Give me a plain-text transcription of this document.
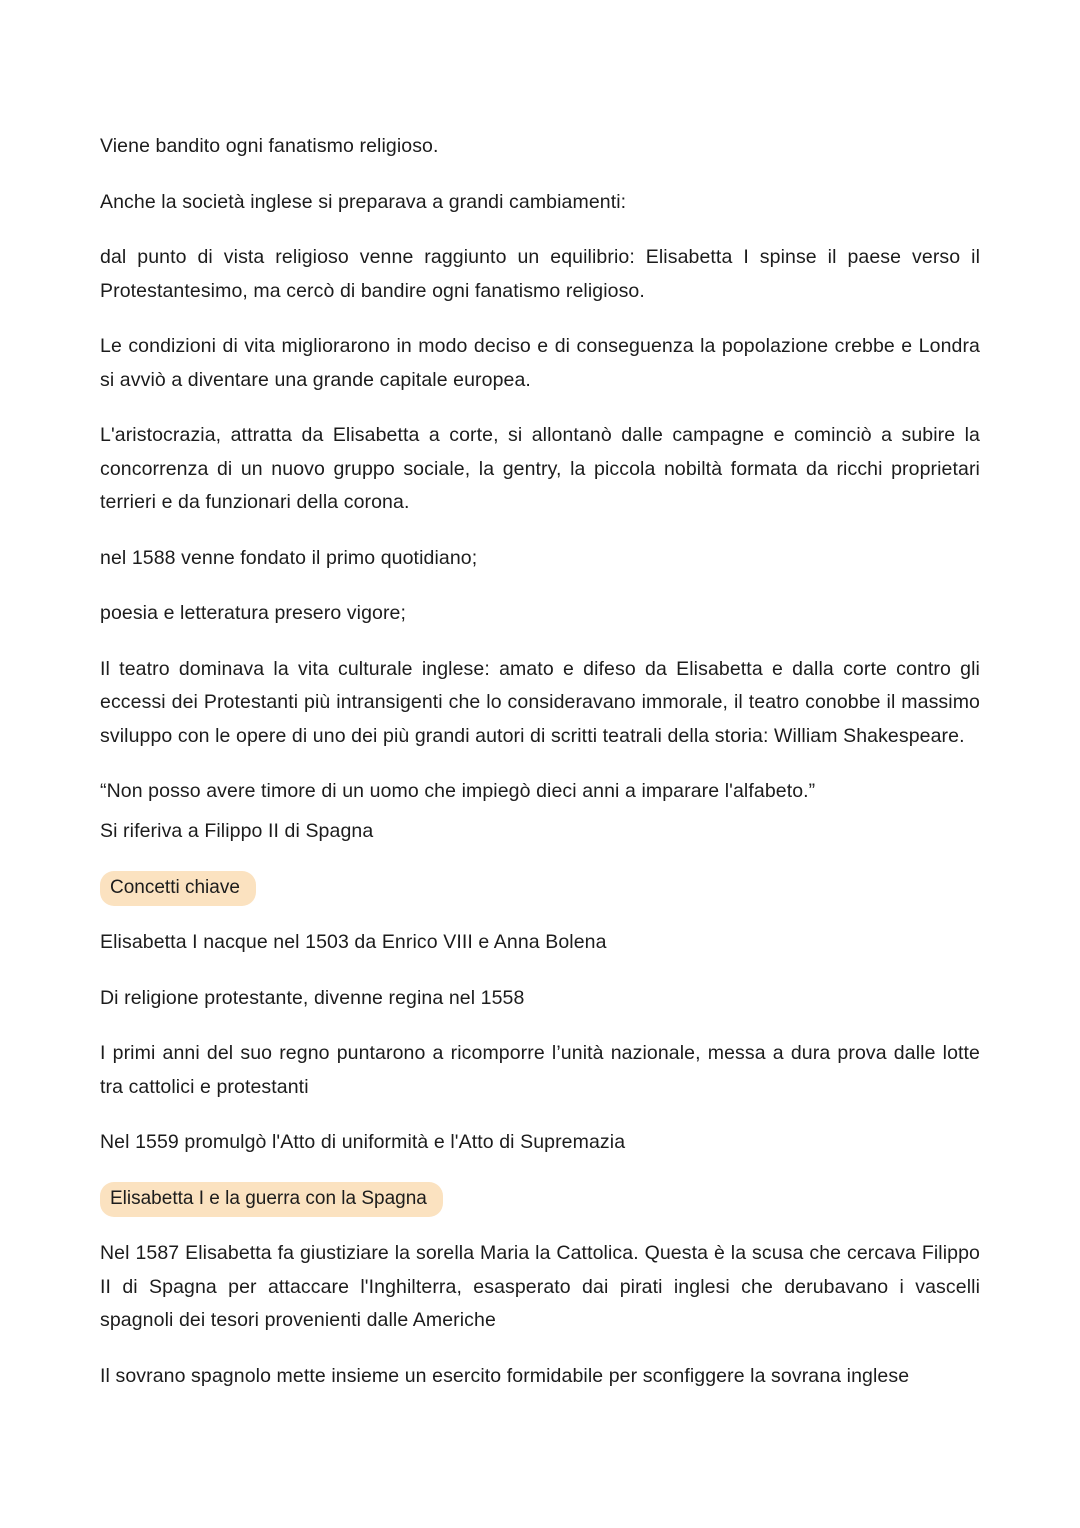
Viene bandito ogni fanatismo religioso.

Anche la società inglese si preparava a grandi cambiamenti:

dal punto di vista religioso venne raggiunto un equilibrio: Elisabetta I spinse il paese verso il Protestantesimo, ma cercò di bandire ogni fanatismo religioso.

Le condizioni di vita migliorarono in modo deciso e di conseguenza la popolazione crebbe e Londra si avviò a diventare una grande capitale europea.

L'aristocrazia, attratta da Elisabetta a corte, si allontanò dalle campagne e cominciò a subire la concorrenza di un nuovo gruppo sociale, la gentry, la piccola nobiltà formata da ricchi proprietari terrieri e da funzionari della corona.

nel 1588 venne fondato il primo quotidiano;

poesia e letteratura presero vigore;

Il teatro dominava la vita culturale inglese: amato e difeso da Elisabetta e dalla corte contro gli eccessi dei Protestanti più intransigenti che lo consideravano immorale, il teatro conobbe il massimo sviluppo con le opere di uno dei più grandi autori di scritti teatrali della storia: William Shakespeare.

“Non posso avere timore di un uomo che impiegò dieci anni a imparare l'alfabeto.”

Si riferiva a Filippo II di Spagna

Concetti chiave

Elisabetta I nacque nel 1503 da Enrico VIII e Anna Bolena

Di religione protestante, divenne regina nel 1558

I primi anni del suo regno puntarono a ricomporre l’unità nazionale, messa a dura prova dalle lotte tra cattolici e protestanti

Nel 1559 promulgò l'Atto di uniformità e l'Atto di Supremazia

Elisabetta I e la guerra con la Spagna

Nel 1587 Elisabetta fa giustiziare la sorella Maria la Cattolica. Questa è la scusa che cercava Filippo II di Spagna per attaccare l'Inghilterra, esasperato dai pirati inglesi che derubavano i vascelli spagnoli dei tesori provenienti dalle Americhe

Il sovrano spagnolo mette insieme un esercito formidabile per sconfiggere la sovrana inglese
